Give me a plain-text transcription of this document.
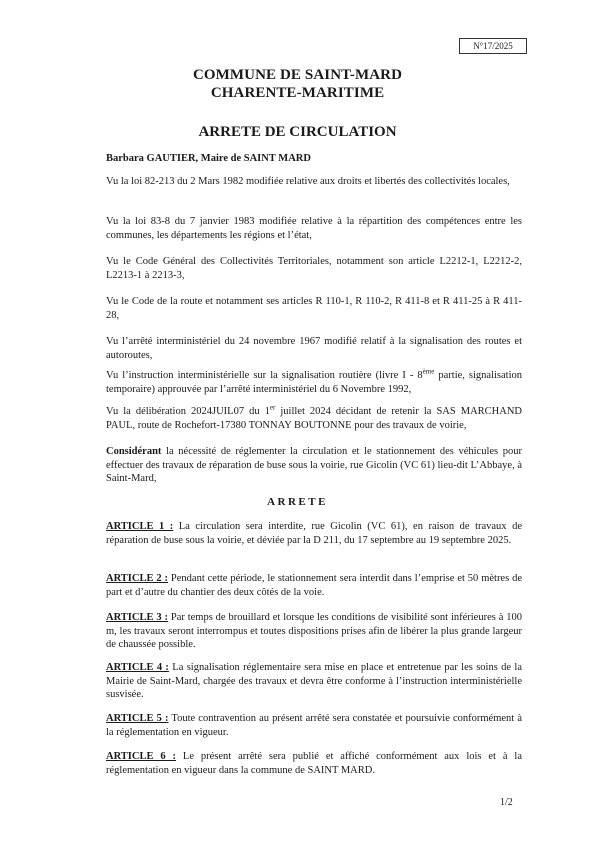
N°17/2025
COMMUNE DE SAINT-MARD
CHARENTE-MARITIME
ARRETE DE CIRCULATION
Barbara GAUTIER, Maire de SAINT MARD
Vu la loi 82-213 du 2 Mars 1982 modifiée relative aux droits et libertés des collectivités locales,
Vu la loi 83-8 du 7 janvier 1983 modifiée relative à la répartition des compétences entre les communes, les départements les régions et l’état,
Vu le Code Général des Collectivités Territoriales, notamment son article L2212-1, L2212-2, L2213-1 à 2213-3,
Vu le Code de la route et notamment ses articles R 110-1, R 110-2, R 411-8 et R 411-25 à R 411-28,
Vu l’arrêté interministériel du 24 novembre 1967 modifié relatif à la signalisation des routes et autoroutes,
Vu l’instruction interministérielle sur la signalisation routière (livre I - 8ème partie, signalisation temporaire) approuvée par l’arrêté interministériel du 6 Novembre 1992,
Vu la délibération 2024JUIL07 du 1er juillet 2024 décidant de retenir la SAS MARCHAND PAUL, route de Rochefort-17380 TONNAY BOUTONNE pour des travaux de voirie,
Considérant la nécessité de réglementer la circulation et le stationnement des véhicules pour effectuer des travaux de réparation de buse sous la voirie, rue Gicolin (VC 61) lieu-dit L’Abbaye, à Saint-Mard,
ARRETE
ARTICLE 1 : La circulation sera interdite, rue Gicolin (VC 61), en raison de travaux de réparation de buse sous la voirie, et déviée par la D 211, du 17 septembre au 19 septembre 2025.
ARTICLE 2 : Pendant cette période, le stationnement sera interdit dans l’emprise et 50 mètres de part et d’autre du chantier des deux côtés de la voie.
ARTICLE 3 : Par temps de brouillard et lorsque les conditions de visibilité sont inférieures à 100 m, les travaux seront interrompus et toutes dispositions prises afin de libérer la plus grande largeur de chaussée possible.
ARTICLE 4 : La signalisation réglementaire sera mise en place et entretenue par les soins de la Mairie de Saint-Mard, chargée des travaux et devra être conforme à l’instruction interministérielle susvisée.
ARTICLE 5 : Toute contravention au présent arrêté sera constatée et poursuivie conformément à la réglementation en vigueur.
ARTICLE 6 : Le présent arrêté sera publié et affiché conformément aux lois et à la réglementation en vigueur dans la commune de SAINT MARD.
1/2
